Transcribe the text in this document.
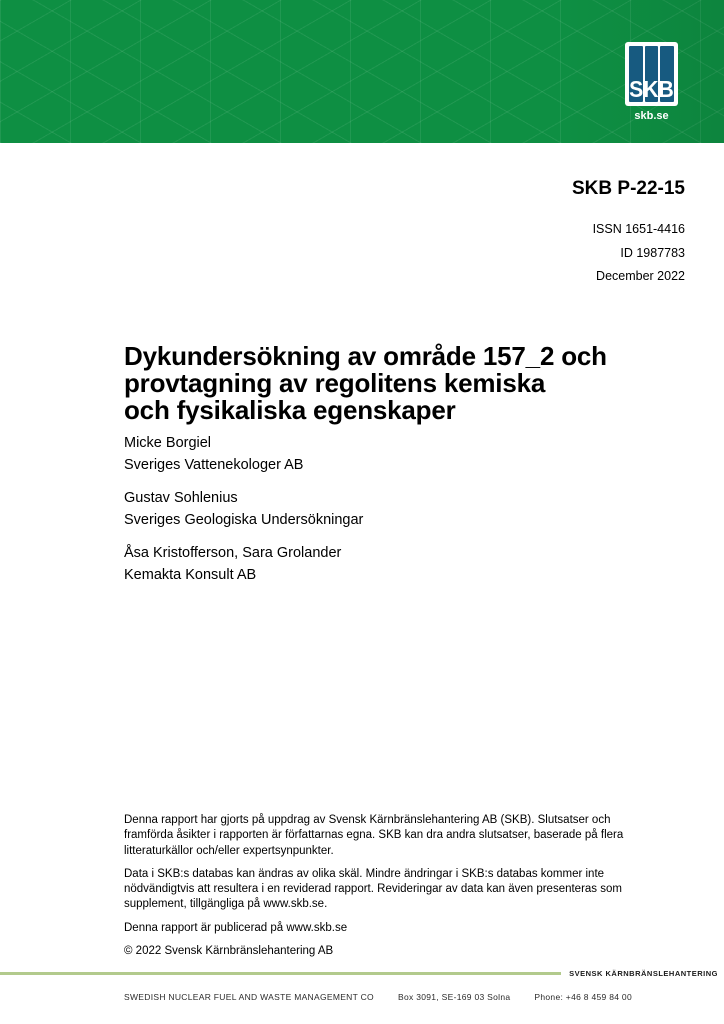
SKB
skb.se
SKB P-22-15
ISSN 1651-4416
ID 1987783
December 2022
Dykundersökning av område 157_2 och
provtagning av regolitens kemiska
och fysikaliska egenskaper
Micke Borgiel
Sveriges Vattenekologer AB
Gustav Sohlenius
Sveriges Geologiska Undersökningar
Åsa Kristofferson, Sara Grolander
Kemakta Konsult AB

Denna rapport har gjorts på uppdrag av Svensk Kärnbränslehantering AB (SKB). Slutsatser och framförda åsikter i rapporten är författarnas egna. SKB kan dra andra slutsatser, baserade på flera litteraturkällor och/eller expertsynpunkter.

Data i SKB:s databas kan ändras av olika skäl. Mindre ändringar i SKB:s databas kommer inte nödvändigtvis att resultera i en reviderad rapport. Revideringar av data kan även presenteras som supplement, tillgängliga på www.skb.se.

Denna rapport är publicerad på www.skb.se

© 2022 Svensk Kärnbränslehantering AB

SVENSK KÄRNBRÄNSLEHANTERING
SWEDISH NUCLEAR FUEL AND WASTE MANAGEMENT CO	Box 3091, SE-169 03 Solna	Phone: +46 8 459 84 00
